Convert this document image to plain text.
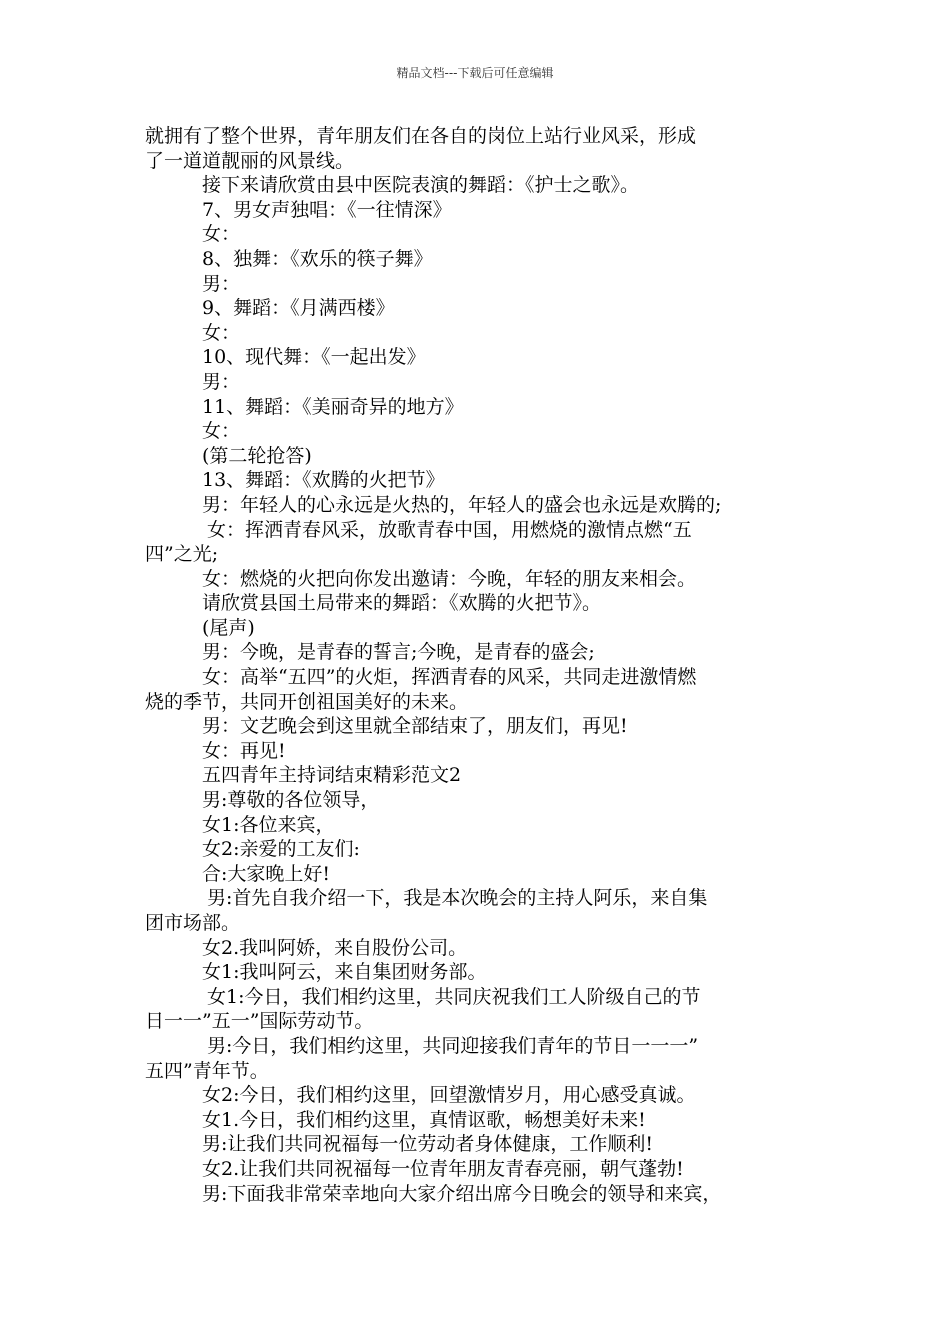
精品文档---下载后可任意编辑
就拥有了整个世界，青年朋友们在各自的岗位上站行业风采，形成
了一道道靓丽的风景线。
接下来请欣赏由县中医院表演的舞蹈：《护士之歌》。
7、男女声独唱：《一往情深》
女：
8、独舞：《欢乐的筷子舞》
男：
9、舞蹈：《月满西楼》
女：
10、现代舞：《一起出发》
男：
11、舞蹈：《美丽奇异的地方》
女：
(第二轮抢答)
13、舞蹈：《欢腾的火把节》
男：年轻人的心永远是火热的，年轻人的盛会也永远是欢腾的;
女：挥洒青春风采，放歌青春中国，用燃烧的激情点燃“五
四”之光;
女：燃烧的火把向你发出邀请：今晚，年轻的朋友来相会。
请欣赏县国土局带来的舞蹈：《欢腾的火把节》。
(尾声)
男：今晚，是青春的誓言;今晚，是青春的盛会;
女：高举“五四”的火炬，挥洒青春的风采，共同走进激情燃
烧的季节，共同开创祖国美好的未来。
男：文艺晚会到这里就全部结束了，朋友们，再见!
女：再见!
五四青年主持词结束精彩范文2
男:尊敬的各位领导，
女1:各位来宾，
女2:亲爱的工友们:
合:大家晚上好!
男:首先自我介绍一下，我是本次晚会的主持人阿乐，来自集
团市场部。
女2.我叫阿娇，来自股份公司。
女1:我叫阿云，来自集团财务部。
女1:今日，我们相约这里，共同庆祝我们工人阶级自己的节
日一一”五一”国际劳动节。
男:今日，我们相约这里，共同迎接我们青年的节日一一一”
五四”青年节。
女2:今日，我们相约这里，回望激情岁月，用心感受真诚。
女1.今日，我们相约这里，真情讴歌，畅想美好未来!
男:让我们共同祝福每一位劳动者身体健康，工作顺利!
女2.让我们共同祝福每一位青年朋友青春亮丽，朝气蓬勃!
男:下面我非常荣幸地向大家介绍出席今日晚会的领导和来宾，
